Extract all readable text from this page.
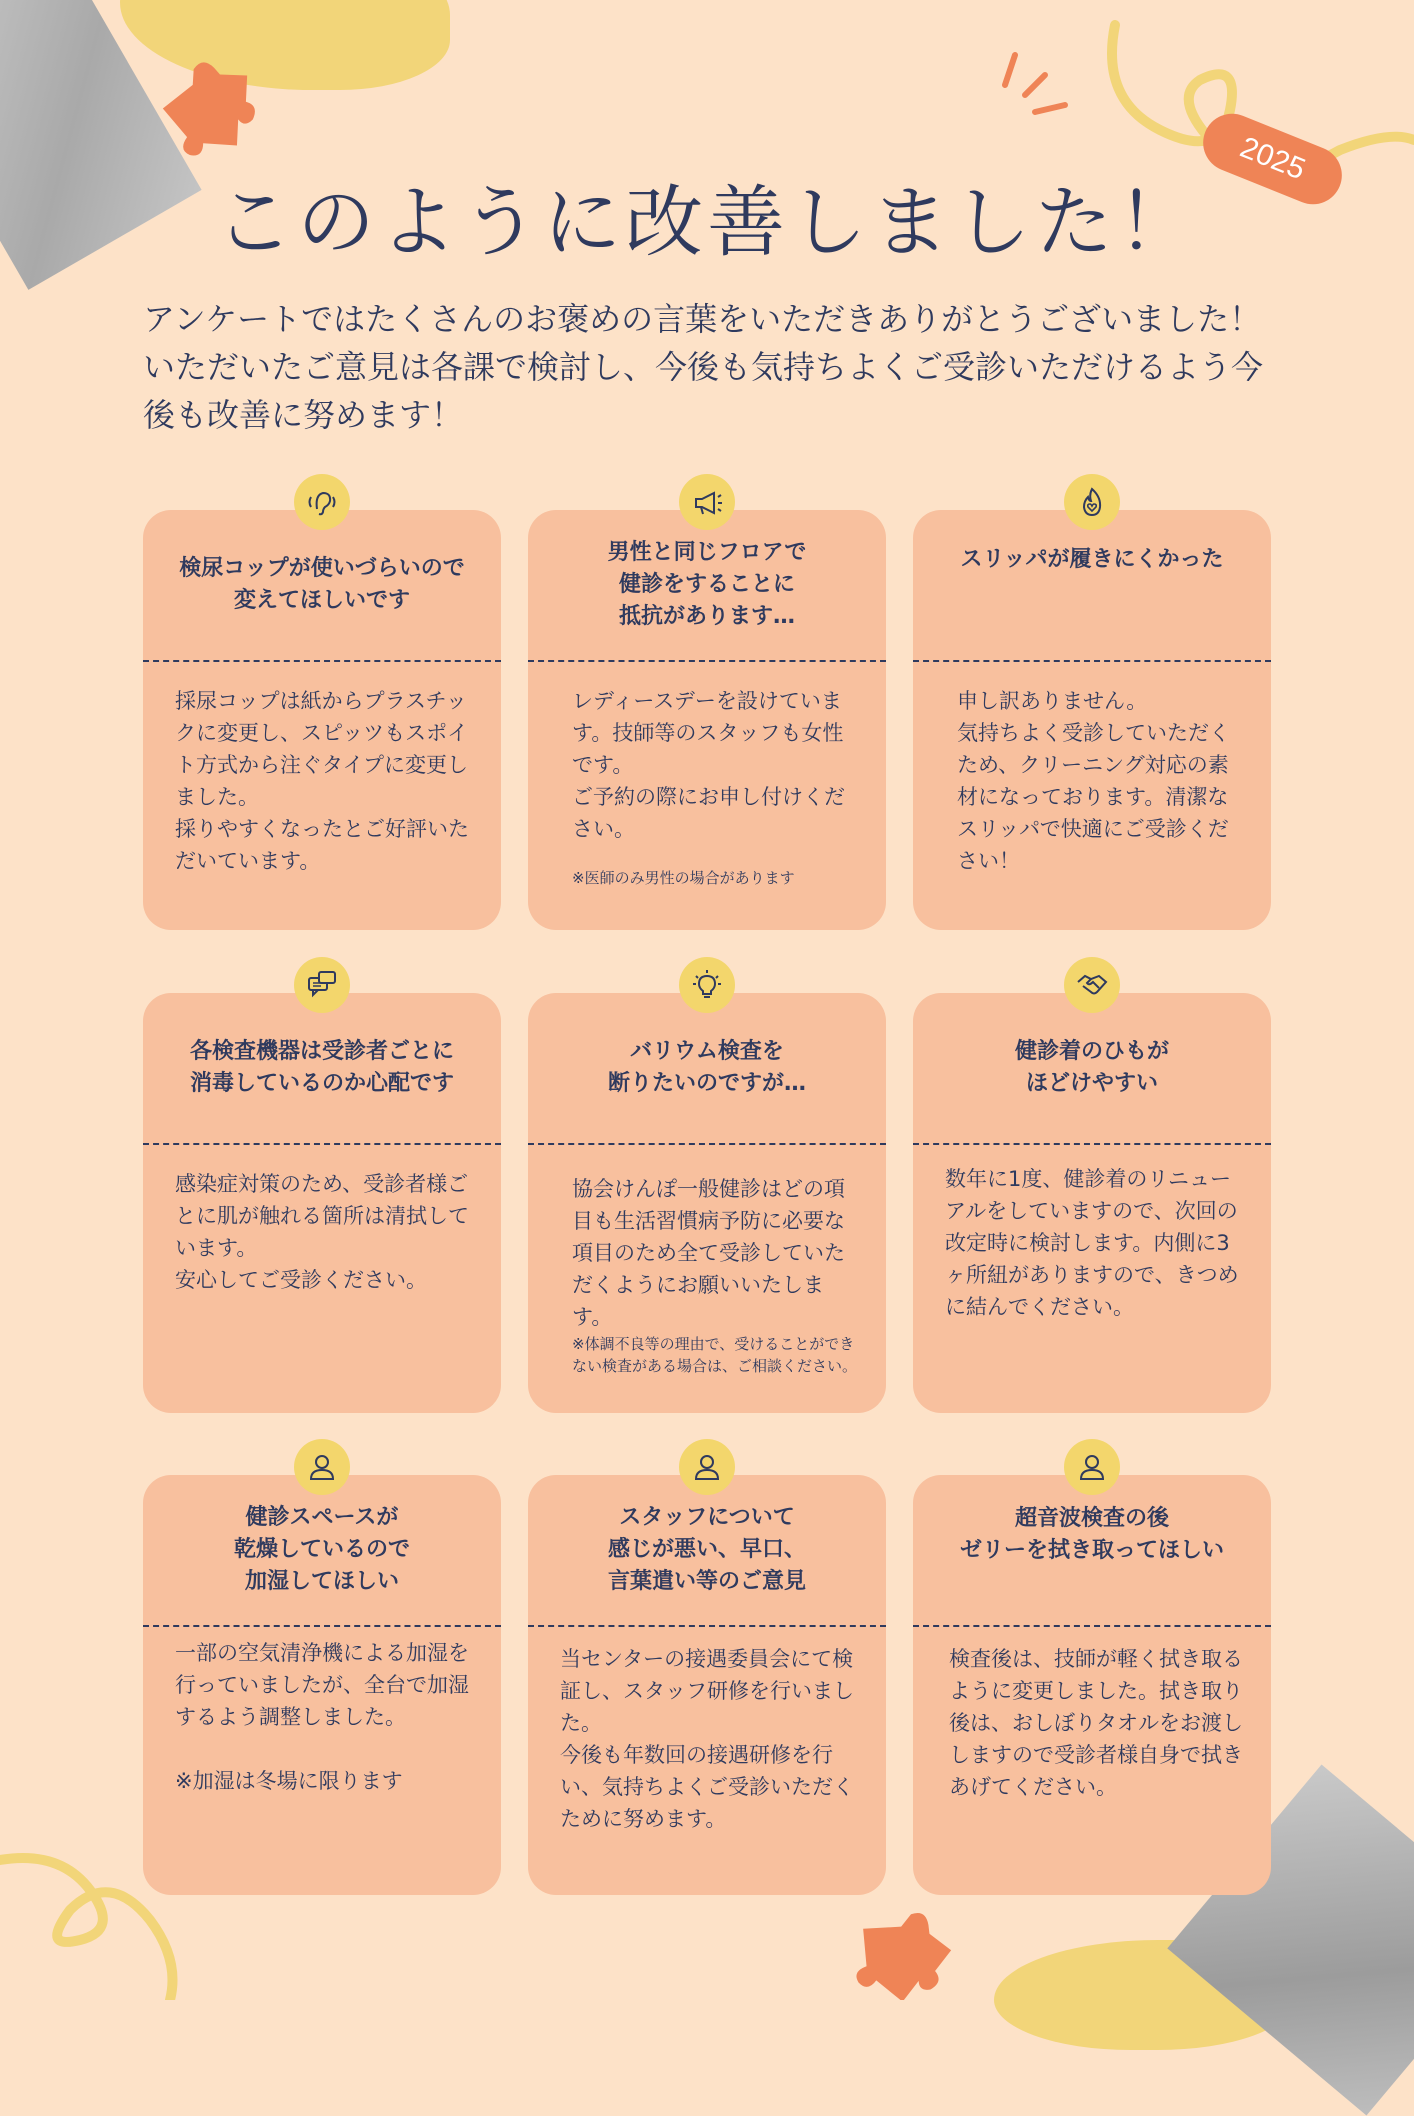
2025
このように改善しました！
アンケートではたくさんのお褒めの言葉をいただきありがとうございました！いただいたご意見は各課で検討し、今後も気持ちよくご受診いただけるよう今後も改善に努めます！
検尿コップが使いづらいので 変えてほしいです
採尿コップは紙からプラスチックに変更し、スピッツもスポイト方式から注ぐタイプに変更しました。
採りやすくなったとご好評いただいています。
男性と同じフロアで
健診をすることに
抵抗があります…
レディースデーを設けています。技師等のスタッフも女性です。
ご予約の際にお申し付けください。
※医師のみ男性の場合があります
スリッパが履きにくかった
申し訳ありません。
気持ちよく受診していただくため、クリーニング対応の素材になっております。清潔なスリッパで快適にご受診ください！
各検査機器は受診者ごとに
消毒しているのか心配です
感染症対策のため、受診者様ごとに肌が触れる箇所は清拭しています。
安心してご受診ください。
バリウム検査を
断りたいのですが…
協会けんぽ一般健診はどの項目も生活習慣病予防に必要な項目のため全て受診していただくようにお願いいたします。
※体調不良等の理由で、受けることができない検査がある場合は、ご相談ください。
健診着のひもが
ほどけやすい
数年に1度、健診着のリニューアルをしていますので、次回の改定時に検討します。内側に3ヶ所紐がありますので、きつめに結んでください。
健診スペースが
乾燥しているので
加湿してほしい
一部の空気清浄機による加湿を行っていましたが、全台で加湿するよう調整しました。

※加湿は冬場に限ります
スタッフについて
感じが悪い、早口、
言葉遣い等のご意見
当センターの接遇委員会にて検証し、スタッフ研修を行いました。
今後も年数回の接遇研修を行い、気持ちよくご受診いただくために努めます。
超音波検査の後
ゼリーを拭き取ってほしい
検査後は、技師が軽く拭き取るように変更しました。拭き取り後は、おしぼりタオルをお渡ししますので受診者様自身で拭きあげてください。
